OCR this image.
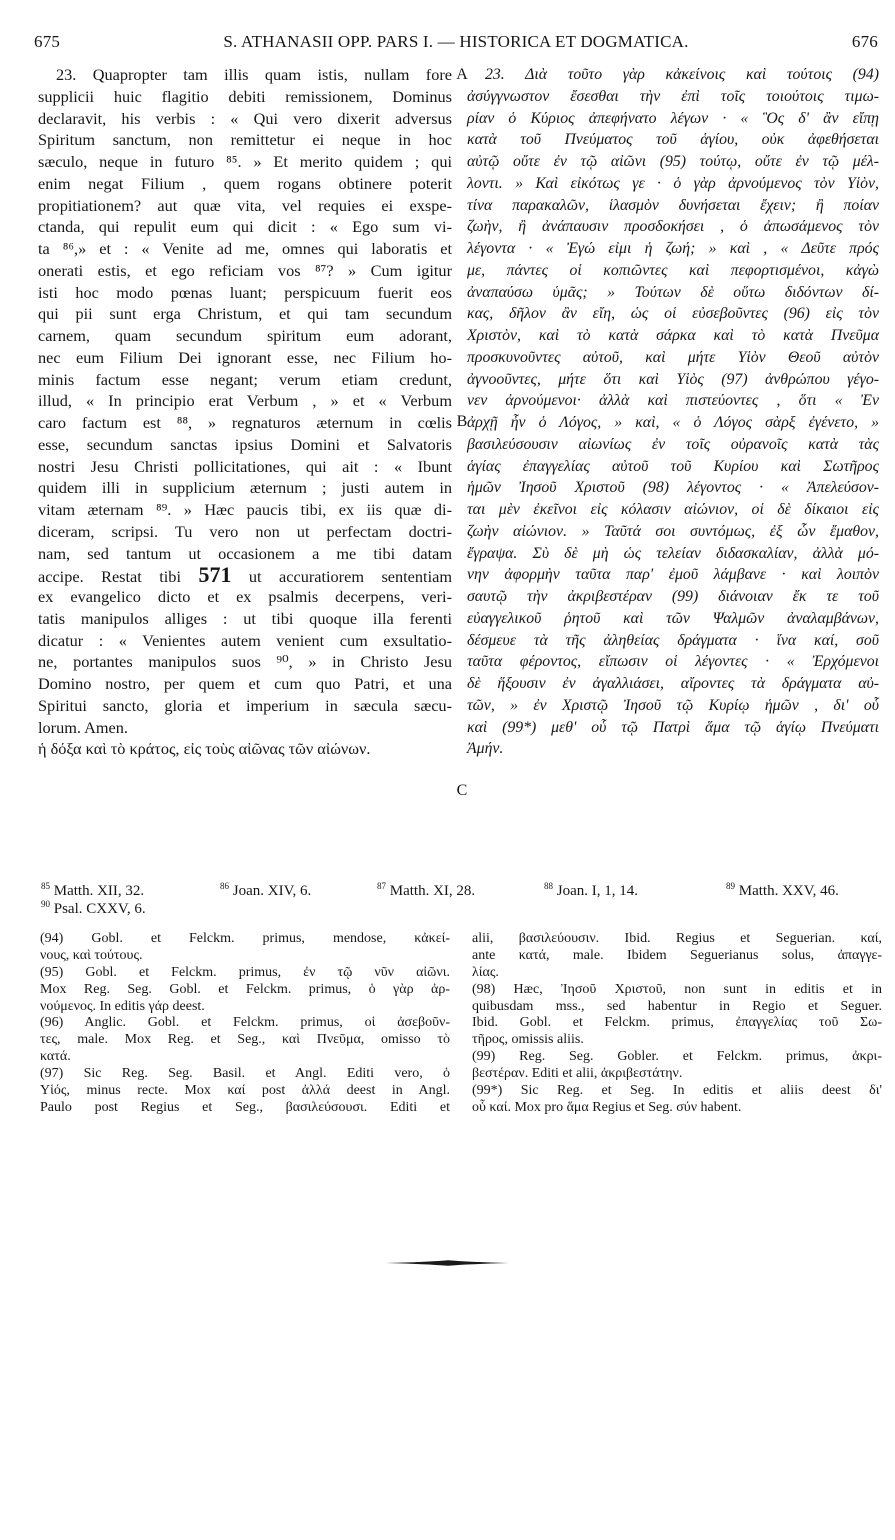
675	S. ATHANASII OPP. PARS I. — HISTORICA ET DOGMATICA.	676
A
B
C
23. Quapropter tam illis quam istis, nullam fore
supplicii huic flagitio debiti remissionem, Dominus
declaravit, his verbis : « Qui vero dixerit adversus
Spiritum sanctum, non remittetur ei neque in hoc
sæculo, neque in futuro ⁸⁵. » Et merito quidem ; qui
enim negat Filium , quem rogans obtinere poterit
propitiationem? aut quæ vita, vel requies ei exspe-
ctanda, qui repulit eum qui dicit : « Ego sum vi-
ta ⁸⁶,» et : « Venite ad me, omnes qui laboratis et
onerati estis, et ego reficiam vos ⁸⁷? » Cum igitur
isti hoc modo pœnas luant; perspicuum fuerit eos
qui pii sunt erga Christum, et qui tam secundum
carnem, quam secundum spiritum eum adorant,
nec eum Filium Dei ignorant esse, nec Filium ho-
minis factum esse negant; verum etiam credunt,
illud, « In principio erat Verbum , » et « Verbum
caro factum est ⁸⁸, » regnaturos æternum in cœlis
esse, secundum sanctas ipsius Domini et Salvatoris
nostri Jesu Christi pollicitationes, qui ait : « Ibunt
quidem illi in supplicium æternum ; justi autem in
vitam æternam ⁸⁹. » Hæc paucis tibi, ex iis quæ di-
diceram, scripsi. Tu vero non ut perfectam doctri-
nam, sed tantum ut occasionem a me tibi datam
accipe. Restat tibi 571 ut accuratiorem sententiam
ex evangelico dicto et ex psalmis decerpens, veri-
tatis manipulos alliges : ut tibi quoque illa ferenti
dicatur : « Venientes autem venient cum exsultatio-
ne, portantes manipulos suos ⁹⁰, » in Christo Jesu
Domino nostro, per quem et cum quo Patri, et una
Spiritui sancto, gloria et imperium in sæcula sæcu-
lorum. Amen.
ἡ δόξα καὶ τὸ κράτος, εἰς τοὺς αἰῶνας τῶν αἰώνων.
23. Διὰ τοῦτο γὰρ κἀκείνοις καὶ τούτοις (94)
ἀσύγγνωστον ἔσεσθαι τὴν ἐπὶ τοῖς τοιούτοις τιμω-
ρίαν ὁ Κύριος ἀπεφήνατο λέγων · « Ὃς δ' ἂν εἴπῃ
κατὰ τοῦ Πνεύματος τοῦ ἁγίου, οὐκ ἀφεθήσεται
αὐτῷ οὔτε ἐν τῷ αἰῶνι (95) τούτῳ, οὔτε ἐν τῷ μέλ-
λοντι. » Καὶ εἰκότως γε · ὁ γὰρ ἀρνούμενος τὸν Υἱὸν,
τίνα παρακαλῶν, ἱλασμὸν δυνήσεται ἔχειν; ἢ ποίαν
ζωὴν, ἢ ἀνάπαυσιν προσδοκήσει , ὁ ἀπωσάμενος τὸν
λέγοντα · « Ἐγώ εἰμι ἡ ζωή; » καὶ , « Δεῦτε πρός
με, πάντες οἱ κοπιῶντες καὶ πεφορτισμένοι, κἀγὼ
ἀναπαύσω ὑμᾶς; » Τούτων δὲ οὕτω διδόντων δί-
κας, δῆλον ἂν εἴη, ὡς οἱ εὐσεβοῦντες (96) εἰς τὸν
Χριστὸν, καὶ τὸ κατὰ σάρκα καὶ τὸ κατὰ Πνεῦμα
προσκυνοῦντες αὐτοῦ, καὶ μήτε Υἱὸν Θεοῦ αὐτὸν
ἀγνοοῦντες, μήτε ὅτι καὶ Υἱὸς (97) ἀνθρώπου γέγο-
νεν ἀρνούμενοι· ἀλλὰ καὶ πιστεύοντες , ὅτι « Ἐν
ἀρχῇ ἦν ὁ Λόγος, » καὶ, « ὁ Λόγος σὰρξ ἐγένετο, »
βασιλεύσουσιν αἰωνίως ἐν τοῖς οὐρανοῖς κατὰ τὰς
ἁγίας ἐπαγγελίας αὐτοῦ τοῦ Κυρίου καὶ Σωτῆρος
ἡμῶν Ἰησοῦ Χριστοῦ (98) λέγοντος · « Ἀπελεύσον-
ται μὲν ἐκεῖνοι εἰς κόλασιν αἰώνιον, οἱ δὲ δίκαιοι εἰς
ζωὴν αἰώνιον. » Ταῦτά σοι συντόμως, ἐξ ὧν ἔμαθον,
ἔγραψα. Σὺ δὲ μὴ ὡς τελείαν διδασκαλίαν, ἀλλὰ μό-
νην ἀφορμὴν ταῦτα παρ' ἐμοῦ λάμβανε · καὶ λοιπὸν
σαυτῷ τὴν ἀκριβεστέραν (99) διάνοιαν ἔκ τε τοῦ
εὐαγγελικοῦ ῥητοῦ καὶ τῶν Ψαλμῶν ἀναλαμβάνων,
δέσμευε τὰ τῆς ἀληθείας δράγματα · ἵνα καί, σοῦ
ταῦτα φέροντος, εἴπωσιν οἱ λέγοντες · « Ἐρχόμενοι
δὲ ἥξουσιν ἐν ἀγαλλιάσει, αἴροντες τὰ δράγματα αὐ-
τῶν, » ἐν Χριστῷ Ἰησοῦ τῷ Κυρίῳ ἡμῶν , δι' οὗ
καὶ (99*) μεθ' οὗ τῷ Πατρὶ ἅμα τῷ ἁγίῳ Πνεύματι
Ἀμήν.
$^{85}$ Matth. XII, 32.	$^{86}$ Joan. XIV, 6.	$^{87}$ Matth. XI, 28.	$^{88}$ Joan. I, 1, 14.	$^{89}$ Matth. XXV, 46.
$^{90}$ Psal. CXXV, 6.
(94) Gobl. et Felckm. primus, mendose, κἀκεί-
νους, καὶ τούτους.
(95) Gobl. et Felckm. primus, ἐν τῷ νῦν αἰῶνι.
Mox Reg. Seg. Gobl. et Felckm. primus, ὁ γὰρ ἀρ-
νούμενος. In editis γάρ deest.
(96) Anglic. Gobl. et Felckm. primus, οἱ ἀσεβοῦν-
τες, male. Mox Reg. et Seg., καὶ Πνεῦμα, omisso τὸ
κατά.
(97) Sic Reg. Seg. Basil. et Angl. Editi vero, ὁ
Υἱός, minus recte. Mox καί post ἀλλά deest in Angl.
Paulo post Regius et Seg., βασιλεύσουσι. Editi et
alii, βασιλεύουσιν. Ibid. Regius et Seguerian. καί,
ante κατά, male. Ibidem Seguerianus solus, ἀπαγγε-
λίας.
(98) Hæc, Ἰησοῦ Χριστοῦ, non sunt in editis et in
quibusdam mss., sed habentur in Regio et Seguer.
Ibid. Gobl. et Felckm. primus, ἐπαγγελίας τοῦ Σω-
τῆρος, omissis aliis.
(99) Reg. Seg. Gobler. et Felckm. primus, ἀκρι-
βεστέραν. Editi et alii, ἀκριβεστάτην.
(99*) Sic Reg. et Seg. In editis et aliis deest δι'
οὗ καί. Mox pro ἅμα Regius et Seg. σύν habent.
